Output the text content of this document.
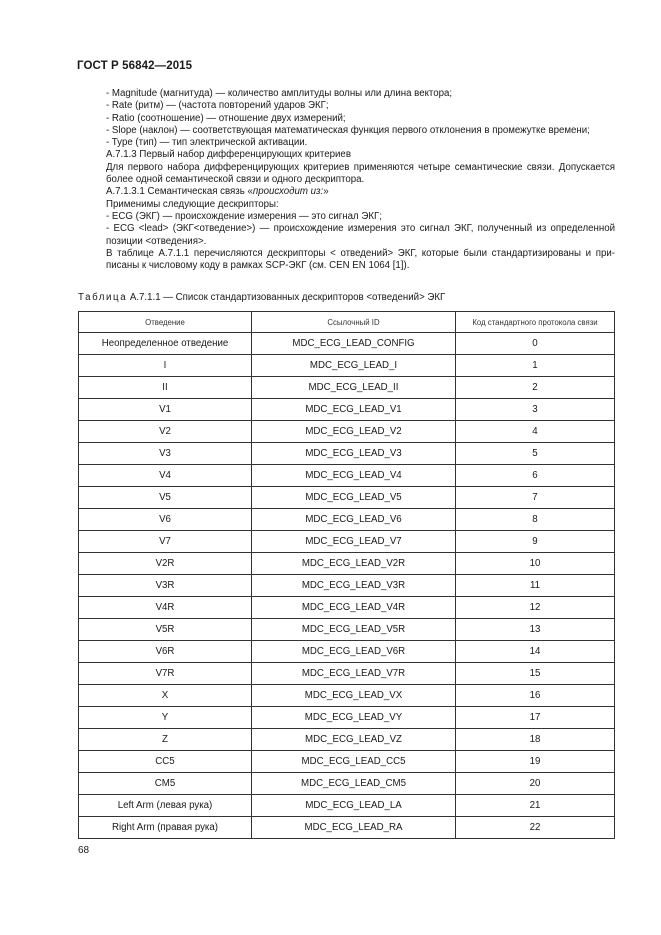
ГОСТ Р 56842—2015

- Magnitude (магнитуда) — количество амплитуды волны или длина вектора;

- Rate (ритм) — (частота повторений ударов ЭКГ;

- Ratio (соотношение) — отношение двух измерений;

- Slope (наклон) — соответствующая математическая функция первого отклонения в промежутке времени;

- Type (тип) — тип электрической активации.

А.7.1.3 Первый набор дифференцирующих критериев

Для первого набора дифференцирующих критериев применяются четыре семантические связи. Допускается более одной семантической связи и одного дескриптора.

А.7.1.3.1 Семантическая связь «происходит из:»

Применимы следующие дескрипторы:

- ECG (ЭКГ) — происхождение измерения — это сигнал ЭКГ;

- ECG <lead> (ЭКГ<отведение>) — происхождение измерения это сигнал ЭКГ, полученный из определенной позиции <отведения>.

В таблице А.7.1.1 перечисляются дескрипторы < отведений> ЭКГ, которые были стандартизированы и при-писаны к числовому коду в рамках SCP-ЭКГ (см. CEN EN 1064 [1]).

Таблица А.7.1.1 — Список стандартизованных дескрипторов <отведений> ЭКГ
Отведение	Ссылочный ID	Код стандартного протокола связи
Неопределенное отведение	MDC_ECG_LEAD_CONFIG	0
I	MDC_ECG_LEAD_I	1
II	MDC_ECG_LEAD_II	2
V1	MDC_ECG_LEAD_V1	3
V2	MDC_ECG_LEAD_V2	4
V3	MDC_ECG_LEAD_V3	5
V4	MDC_ECG_LEAD_V4	6
V5	MDC_ECG_LEAD_V5	7
V6	MDC_ECG_LEAD_V6	8
V7	MDC_ECG_LEAD_V7	9
V2R	MDC_ECG_LEAD_V2R	10
V3R	MDC_ECG_LEAD_V3R	11
V4R	MDC_ECG_LEAD_V4R	12
V5R	MDC_ECG_LEAD_V5R	13
V6R	MDC_ECG_LEAD_V6R	14
V7R	MDC_ECG_LEAD_V7R	15
X	MDC_ECG_LEAD_VX	16
Y	MDC_ECG_LEAD_VY	17
Z	MDC_ECG_LEAD_VZ	18
CC5	MDC_ECG_LEAD_CC5	19
CM5	MDC_ECG_LEAD_CM5	20
Left Arm (левая рука)	MDC_ECG_LEAD_LA	21
Right Arm (правая рука)	MDC_ECG_LEAD_RA	22
68
